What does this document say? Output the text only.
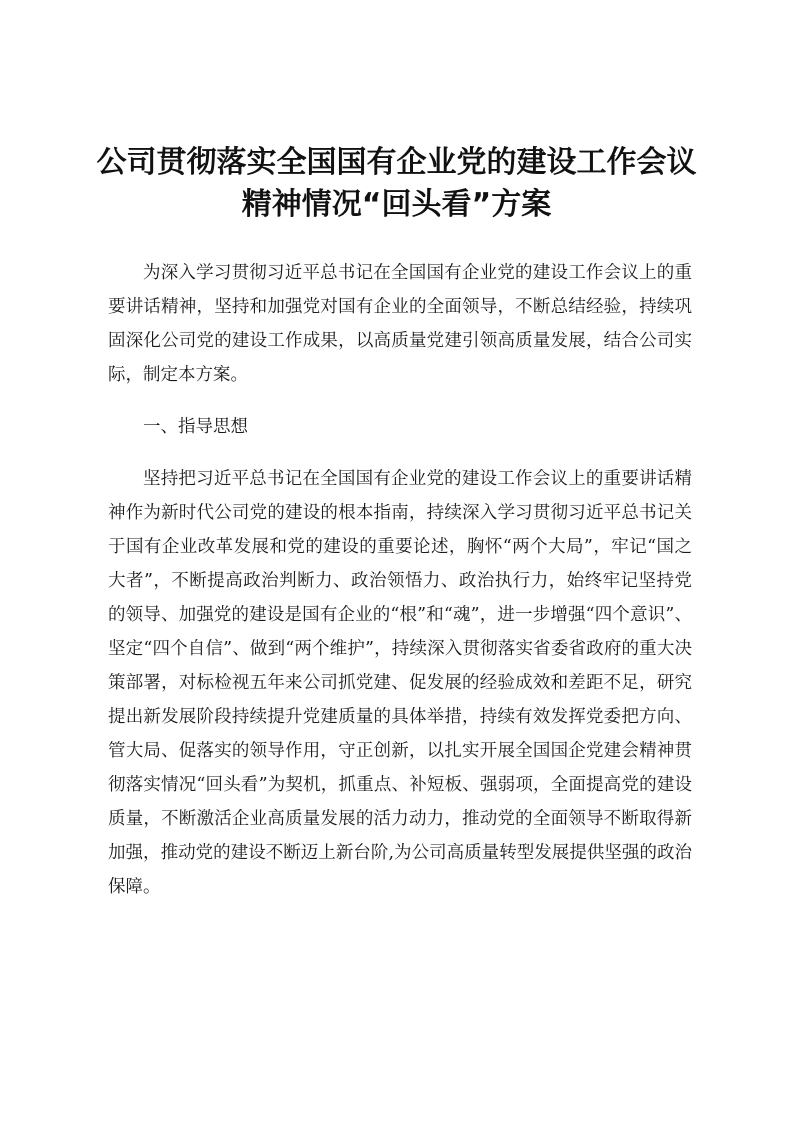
公司贯彻落实全国国有企业党的建设工作会议
精神情况“回头看”方案

为深入学习贯彻习近平总书记在全国国有企业党的建设工作会议上的重要讲话精神，坚持和加强党对国有企业的全面领导，不断总结经验，持续巩固深化公司党的建设工作成果，以高质量党建引领高质量发展，结合公司实际，制定本方案。

一、指导思想

坚持把习近平总书记在全国国有企业党的建设工作会议上的重要讲话精神作为新时代公司党的建设的根本指南，持续深入学习贯彻习近平总书记关于国有企业改革发展和党的建设的重要论述，胸怀“两个大局”，牢记“国之大者”，不断提高政治判断力、政治领悟力、政治执行力，始终牢记坚持党的领导、加强党的建设是国有企业的“根”和“魂”，进一步增强“四个意识”、坚定“四个自信”、做到“两个维护”，持续深入贯彻落实省委省政府的重大决策部署，对标检视五年来公司抓党建、促发展的经验成效和差距不足，研究提出新发展阶段持续提升党建质量的具体举措，持续有效发挥党委把方向、管大局、促落实的领导作用，守正创新，以扎实开展全国国企党建会精神贯彻落实情况“回头看”为契机，抓重点、补短板、强弱项，全面提高党的建设质量，不断激活企业高质量发展的活力动力，推动党的全面领导不断取得新加强，推动党的建设不断迈上新台阶,为公司高质量转型发展提供坚强的政治保障。
